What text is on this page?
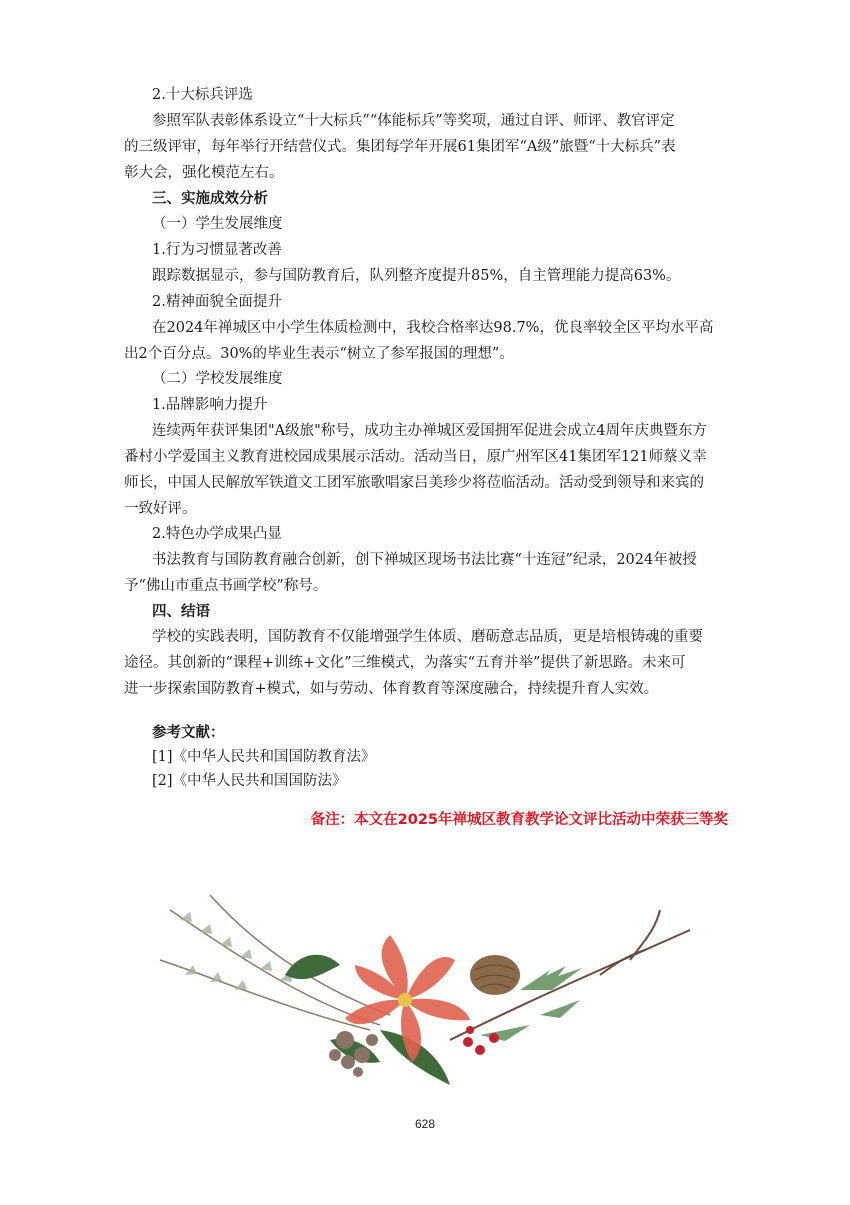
2.十大标兵评选
参照军队表彰体系设立“十大标兵”“体能标兵”等奖项，通过自评、师评、教官评定
的三级评审，每年举行开结营仪式。集团每学年开展61集团军“A级”旅暨“十大标兵”表
彰大会，强化模范左右。
三、实施成效分析
（一）学生发展维度
1.行为习惯显著改善
跟踪数据显示，参与国防教育后，队列整齐度提升85%，自主管理能力提高63%。
2.精神面貌全面提升
在2024年禅城区中小学生体质检测中，我校合格率达98.7%，优良率较全区平均水平高
出2个百分点。30%的毕业生表示“树立了参军报国的理想”。
（二）学校发展维度
1.品牌影响力提升
连续两年获评集团"A级旅"称号，成功主办禅城区爱国拥军促进会成立4周年庆典暨东方
番村小学爱国主义教育进校园成果展示活动。活动当日，原广州军区41集团军121师蔡义幸
师长，中国人民解放军铁道文工团军旅歌唱家吕美珍少将莅临活动。活动受到领导和来宾的
一致好评。
2.特色办学成果凸显
书法教育与国防教育融合创新，创下禅城区现场书法比赛“十连冠”纪录，2024年被授
予“佛山市重点书画学校”称号。
四、结语
学校的实践表明，国防教育不仅能增强学生体质、磨砺意志品质，更是培根铸魂的重要
途径。其创新的“课程+训练+文化”三维模式，为落实“五育并举”提供了新思路。未来可
进一步探索国防教育+模式，如与劳动、体育教育等深度融合，持续提升育人实效。
参考文献：
[1]《中华人民共和国国防教育法》
[2]《中华人民共和国国防法》
备注：本文在2025年禅城区教育教学论文评比活动中荣获三等奖
628
